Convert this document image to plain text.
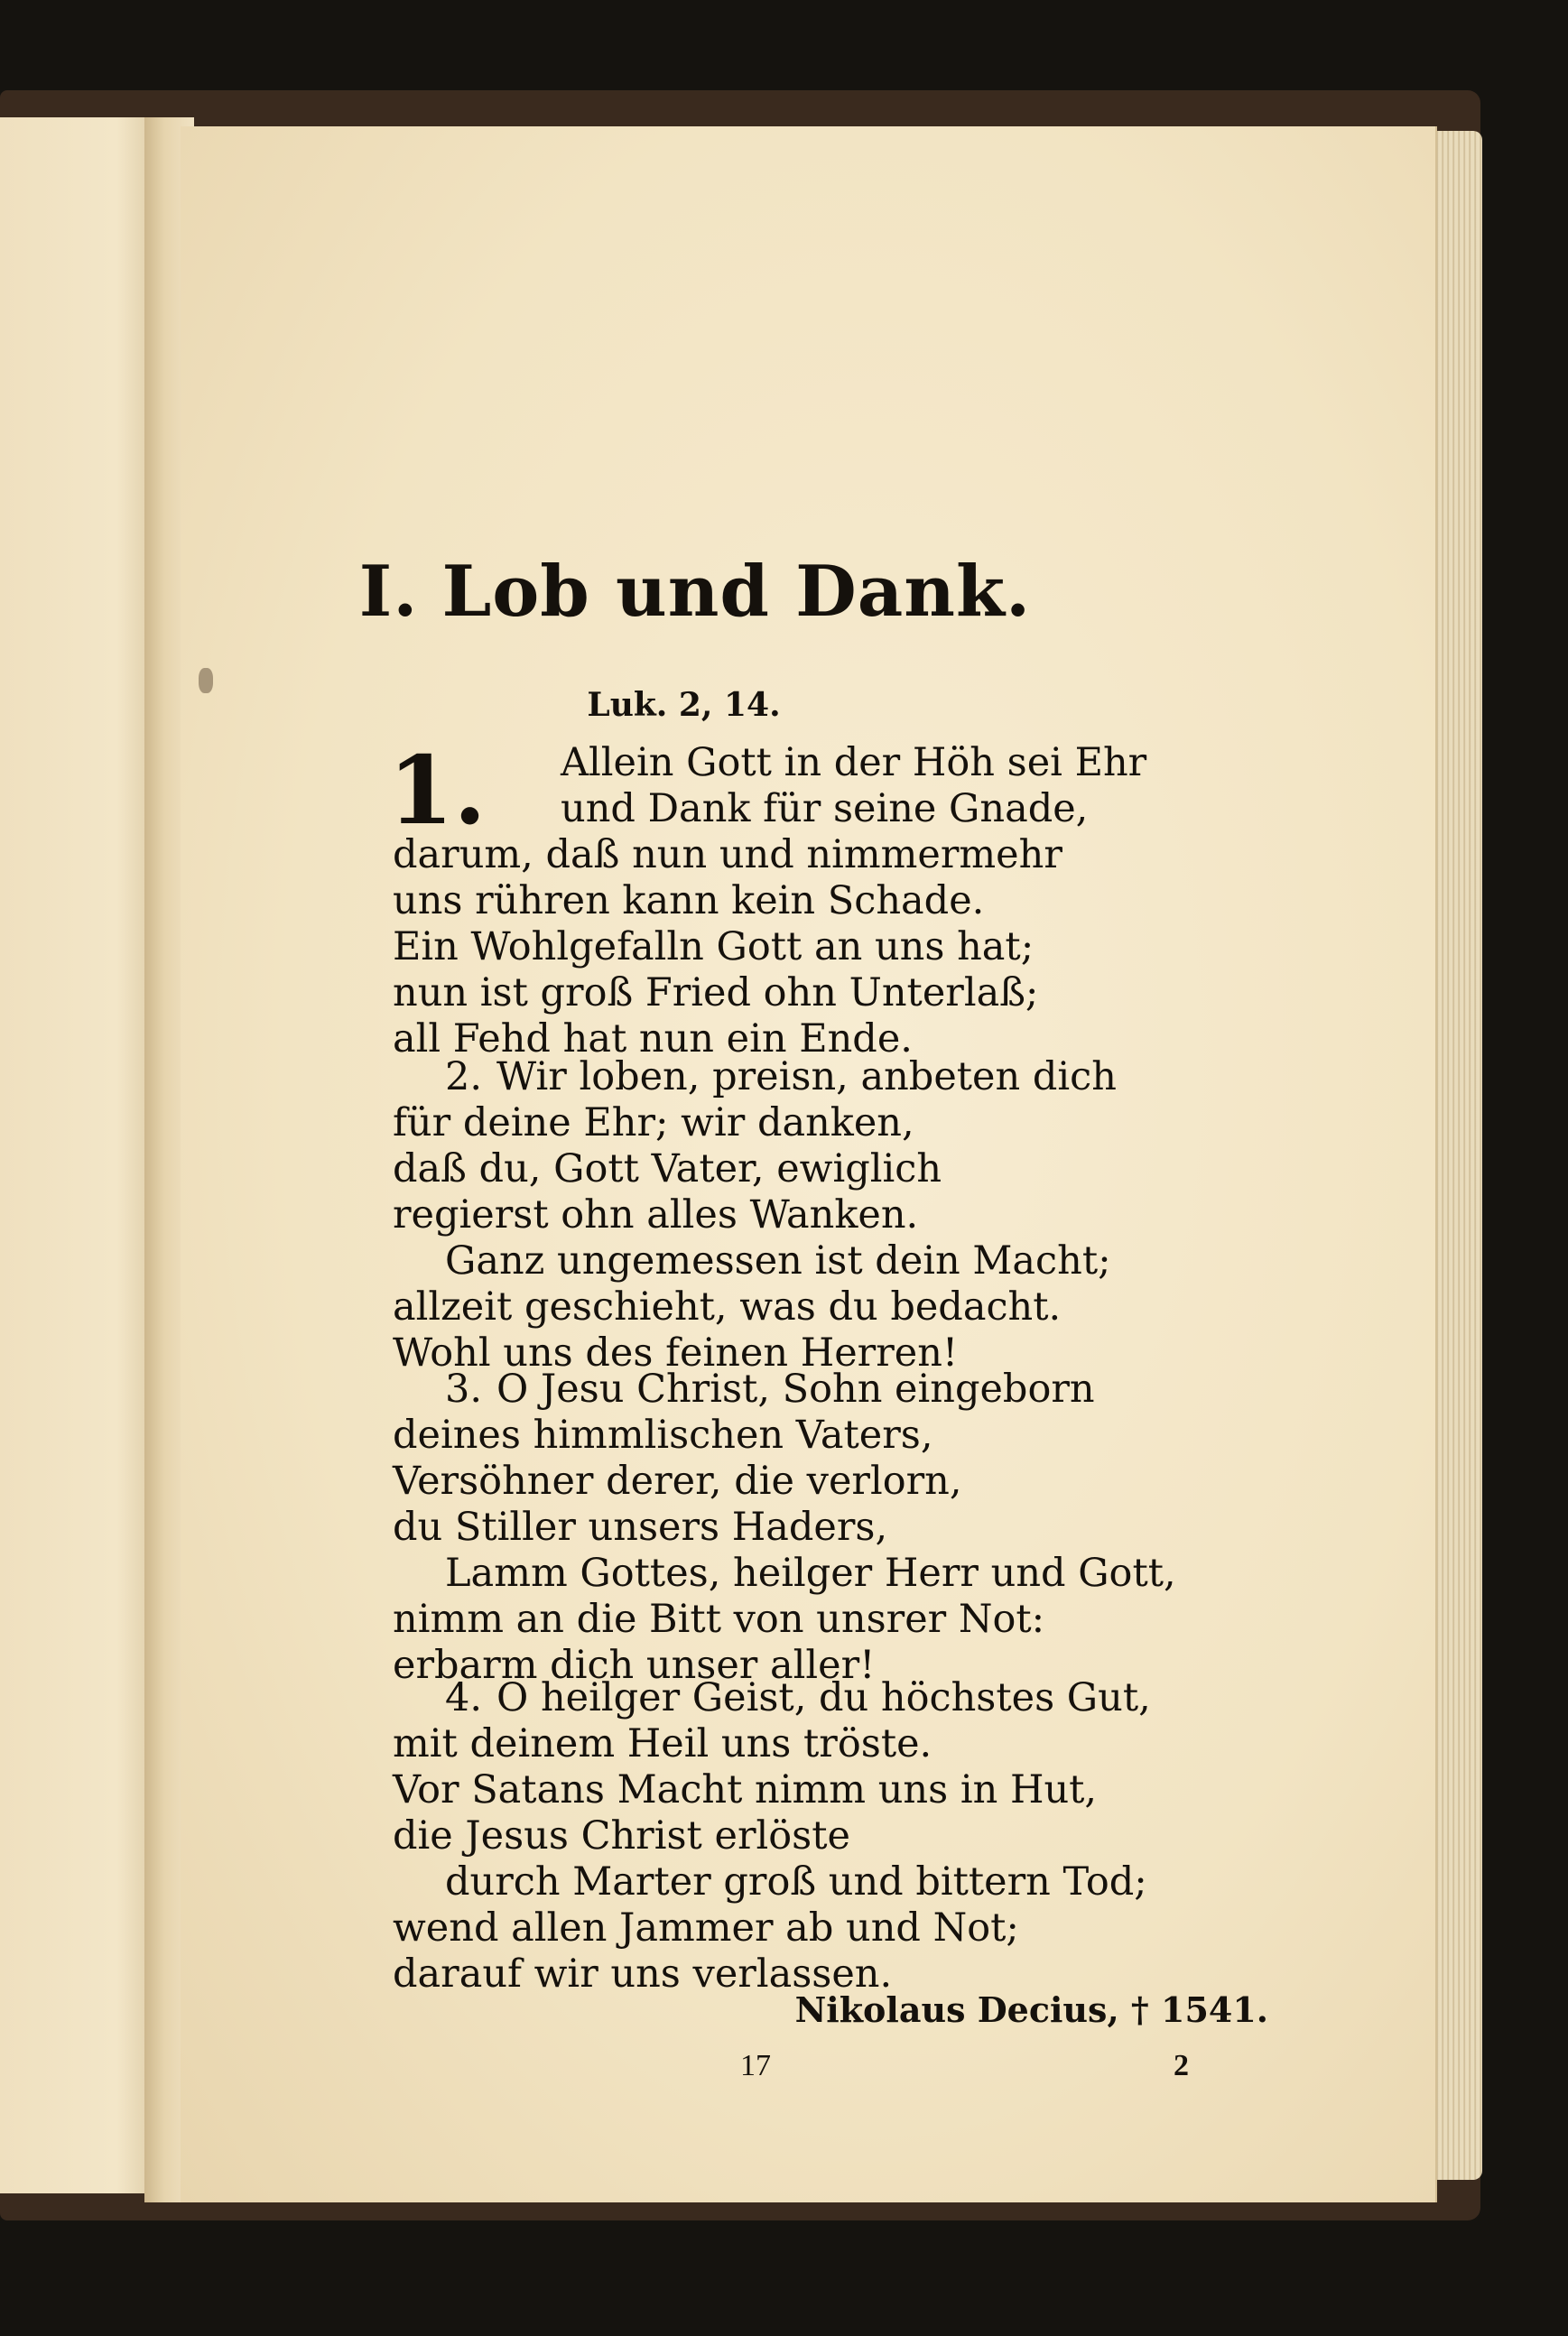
I. Lob und Dank.
Luk. 2, 14.
1.	Allein Gott in der Höh sei Ehr
und Dank für seine Gnade,
darum, daß nun und nimmermehr
uns rühren kann kein Schade.
Ein Wohlgefalln Gott an uns hat;
nun ist groß Fried ohn Unterlaß;
all Fehd hat nun ein Ende.
2. Wir loben, preisn, anbeten dich
für deine Ehr; wir danken,
daß du, Gott Vater, ewiglich
regierst ohn alles Wanken.
Ganz ungemessen ist dein Macht;
allzeit geschieht, was du bedacht.
Wohl uns des feinen Herren!
3. O Jesu Christ, Sohn eingeborn
deines himmlischen Vaters,
Versöhner derer, die verlorn,
du Stiller unsers Haders,
Lamm Gottes, heilger Herr und Gott,
nimm an die Bitt von unsrer Not:
erbarm dich unser aller!
4. O heilger Geist, du höchstes Gut,
mit deinem Heil uns tröste.
Vor Satans Macht nimm uns in Hut,
die Jesus Christ erlöste
durch Marter groß und bittern Tod;
wend allen Jammer ab und Not;
darauf wir uns verlassen.
Nikolaus Decius, † 1541.
17	2
